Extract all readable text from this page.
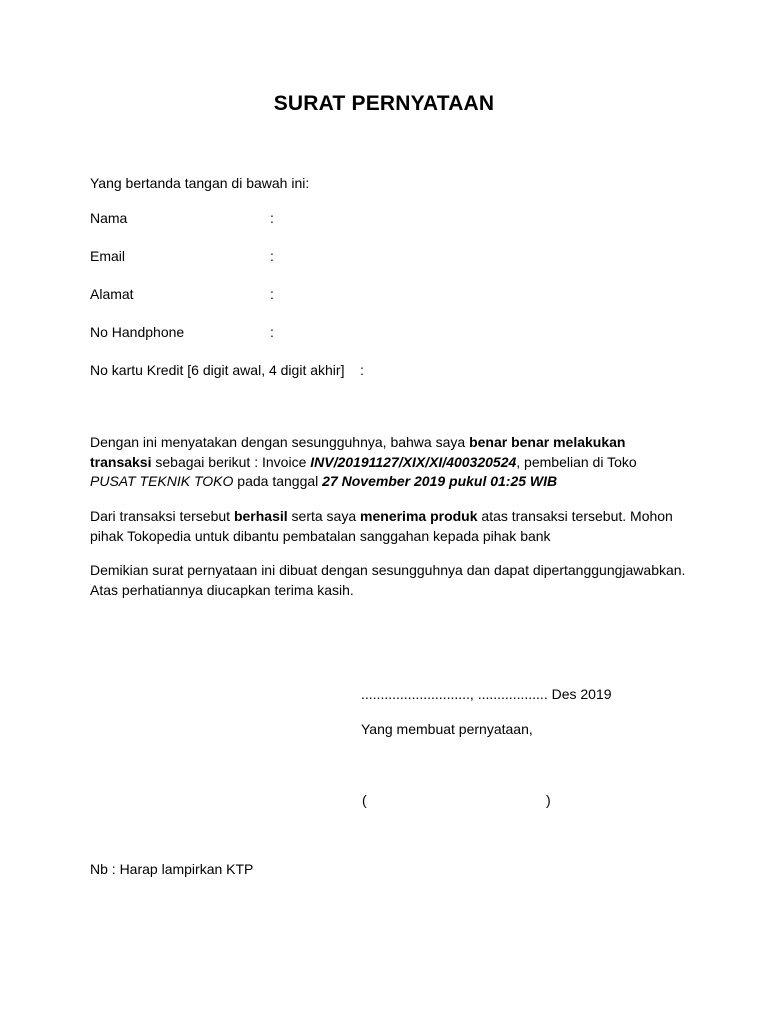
SURAT PERNYATAAN
Yang bertanda tangan di bawah ini:
Nama	:
Email	:
Alamat	:
No Handphone	:
No kartu Kredit [6 digit awal, 4 digit akhir] :
Dengan ini menyatakan dengan sesungguhnya, bahwa saya benar benar melakukan
transaksi sebagai berikut : Invoice INV/20191127/XIX/XI/400320524, pembelian di Toko
PUSAT TEKNIK TOKO pada tanggal 27 November 2019 pukul 01:25 WIB
Dari transaksi tersebut berhasil serta saya menerima produk atas transaksi tersebut. Mohon
pihak Tokopedia untuk dibantu pembatalan sanggahan kepada pihak bank
Demikian surat pernyataan ini dibuat dengan sesungguhnya dan dapat dipertanggungjawabkan.
Atas perhatiannya diucapkan terima kasih.
............................, .................. Des 2019
Yang membuat pernyataan,
(	)
Nb : Harap lampirkan KTP
